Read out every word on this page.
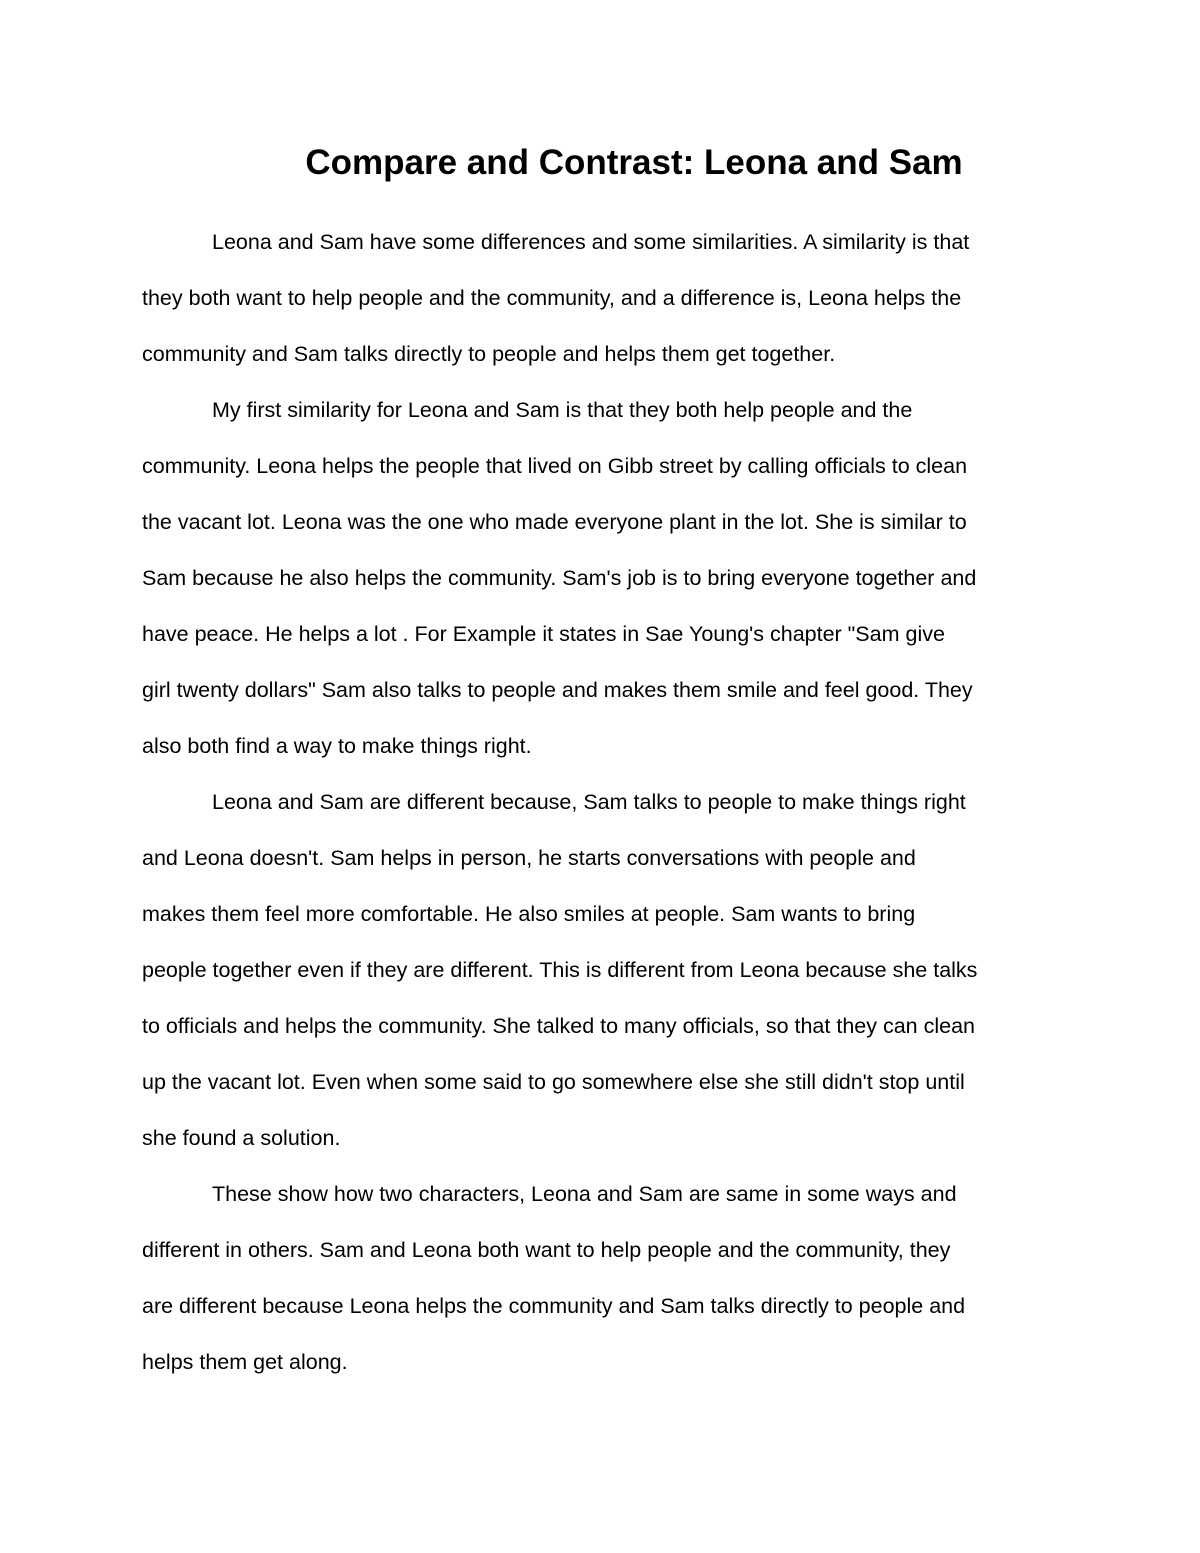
Compare and Contrast: Leona and Sam
Leona and Sam have some differences and some similarities. A similarity is that
they both want to help people and the community, and a difference is, Leona helps the
community and Sam talks directly to people and helps them get together.
My first similarity for Leona and Sam is that they both help people and the
community. Leona helps the people that lived on Gibb street by calling officials to clean
the vacant lot. Leona was the one who made everyone plant in the lot. She is similar to
Sam because he also helps the community. Sam's job is to bring everyone together and
have peace. He helps a lot . For Example it states in Sae Young's chapter "Sam give
girl twenty dollars" Sam also talks to people and makes them smile and feel good. They
also both find a way to make things right.
Leona and Sam are different because, Sam talks to people to make things right
and Leona doesn't. Sam helps in person, he starts conversations with people and
makes them feel more comfortable. He also smiles at people. Sam wants to bring
people together even if they are different. This is different from Leona because she talks
to officials and helps the community. She talked to many officials, so that they can clean
up the vacant lot. Even when some said to go somewhere else she still didn't stop until
she found a solution.
These show how two characters, Leona and Sam are same in some ways and
different in others. Sam and Leona both want to help people and the community, they
are different because Leona helps the community and Sam talks directly to people and
helps them get along.
